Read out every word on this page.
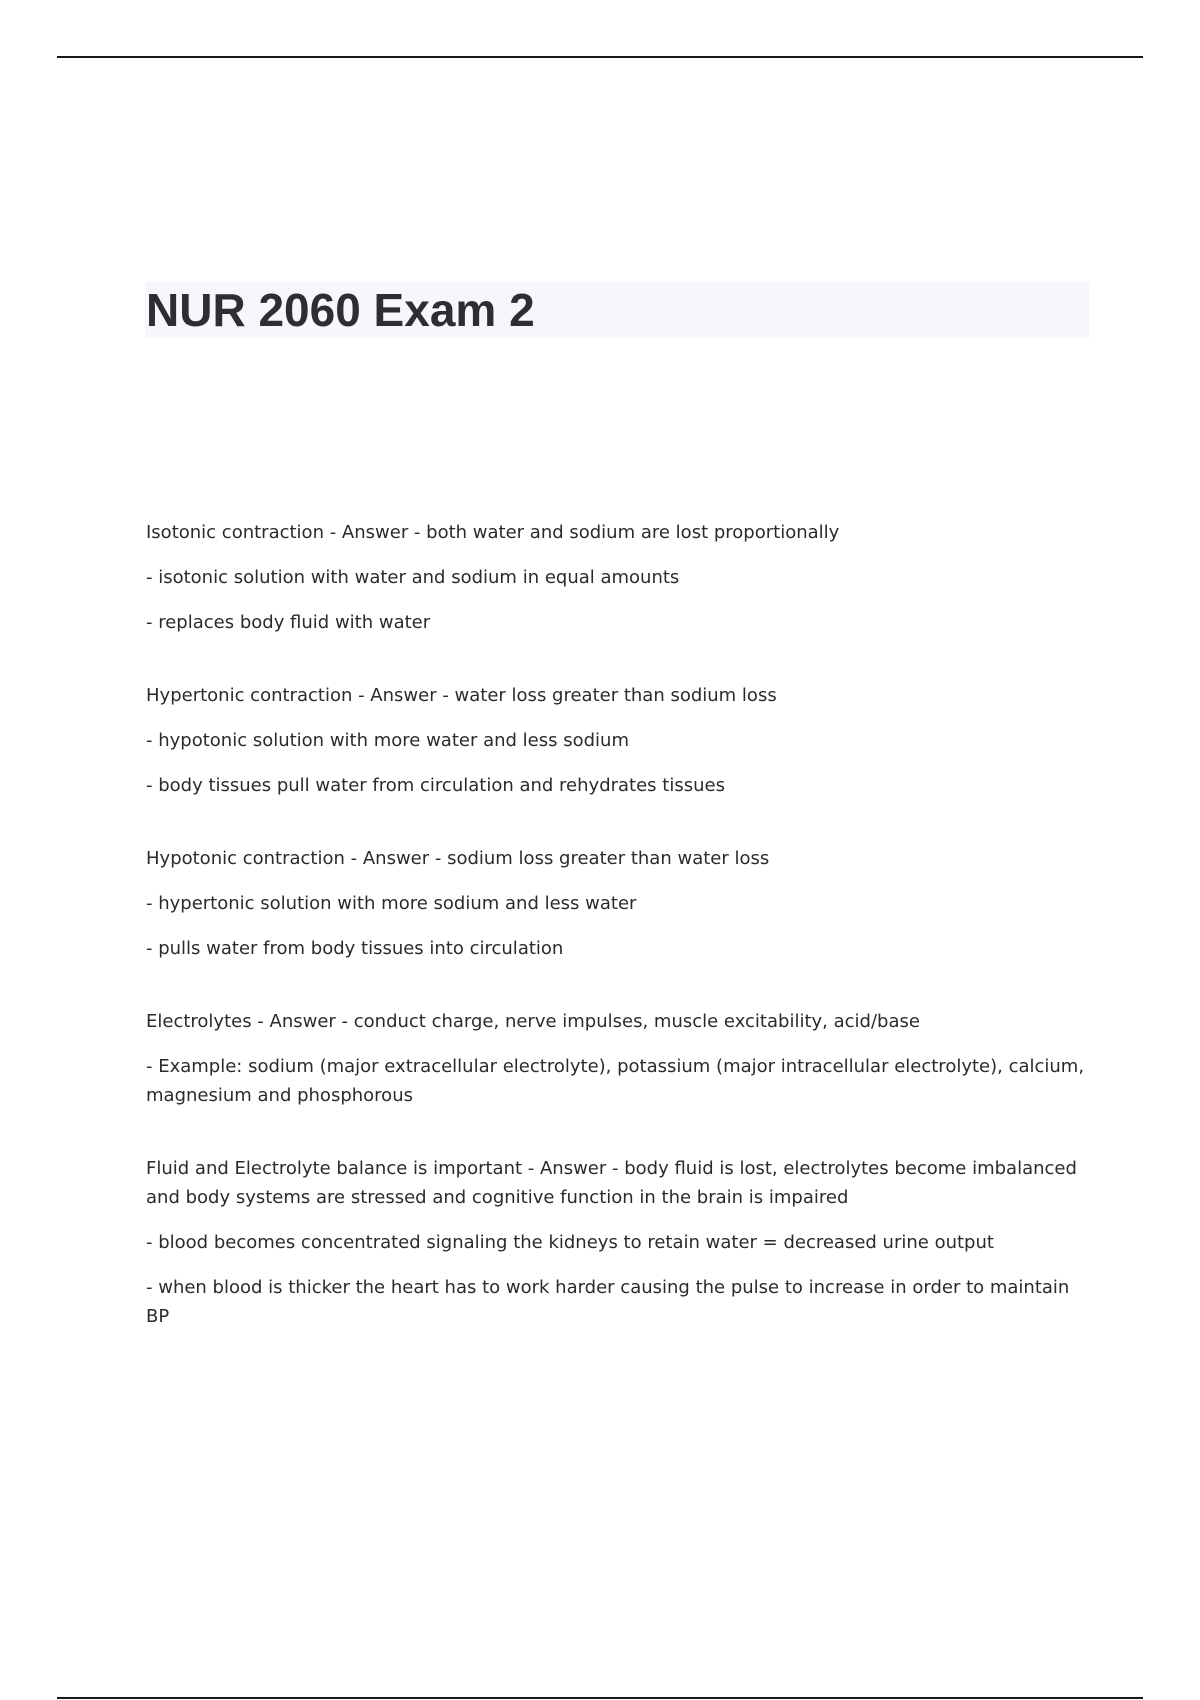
NUR 2060 Exam 2

Isotonic contraction - Answer - both water and sodium are lost proportionally

- isotonic solution with water and sodium in equal amounts

- replaces body fluid with water

Hypertonic contraction - Answer - water loss greater than sodium loss

- hypotonic solution with more water and less sodium

- body tissues pull water from circulation and rehydrates tissues

Hypotonic contraction - Answer - sodium loss greater than water loss

- hypertonic solution with more sodium and less water

- pulls water from body tissues into circulation

Electrolytes - Answer - conduct charge, nerve impulses, muscle excitability, acid/base

- Example: sodium (major extracellular electrolyte), potassium (major intracellular electrolyte), calcium, magnesium and phosphorous

Fluid and Electrolyte balance is important - Answer - body fluid is lost, electrolytes become imbalanced and body systems are stressed and cognitive function in the brain is impaired

- blood becomes concentrated signaling the kidneys to retain water = decreased urine output

- when blood is thicker the heart has to work harder causing the pulse to increase in order to maintain BP
